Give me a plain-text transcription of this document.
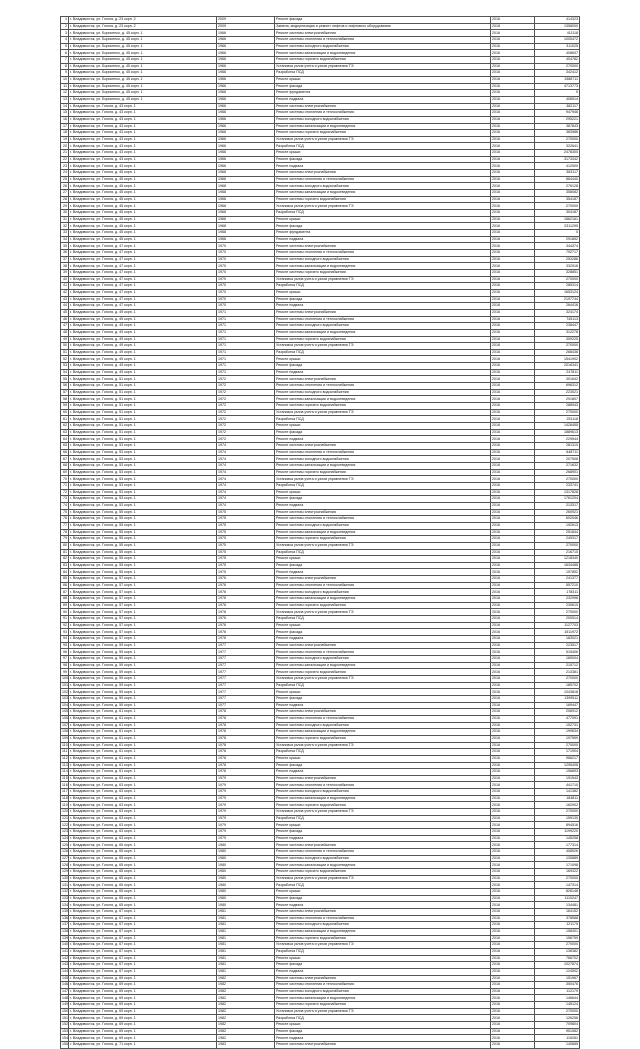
1	г. Владивосток, ул. Гоголя, д. 23 корп. 2	2009	Ремонт фасада	2016	414323
2	г. Владивосток, ул. Гоголя, д. 23 корп. 2	2009	Замена, модернизация и ремонт лифтов и лифтового оборудования	2018	1358000
3	г. Владивосток, ул. Борисенко, д. 45 корп. 1	1966	Ремонт системы электроснабжения	2016	411118
4	г. Владивосток, ул. Борисенко, д. 45 корп. 1	1966	Ремонт системы отопления и теплоснабжения	2016	1005472
5	г. Владивосток, ул. Борисенко, д. 45 корп. 1	1966	Ремонт системы холодного водоснабжения	2016	311025
6	г. Владивосток, ул. Борисенко, д. 45 корп. 1	1966	Ремонт системы канализации и водоотведения	2016	408637
7	г. Владивосток, ул. Борисенко, д. 45 корп. 1	1966	Ремонт системы горячего водоснабжения	2016	404782
8	г. Владивосток, ул. Борисенко, д. 45 корп. 1	1966	Установка узлов учета и узлов управления ТЭ	2016	270000
9	г. Владивосток, ул. Борисенко, д. 45 корп. 1	1966	Разработка ПСД	2016	342412
10	г. Владивосток, ул. Борисенко, д. 45 корп. 1	1966	Ремонт крыши	2016	1588711
11	г. Владивосток, ул. Борисенко, д. 45 корп. 1	1966	Ремонт фасада	2016	4713773
12	г. Владивосток, ул. Борисенко, д. 45 корп. 1	1966	Ремонт фундамента	2016	0
13	г. Владивосток, ул. Борисенко, д. 45 корп. 1	1966	Ремонт подвала	2016	406914
14	г. Владивосток, ул. Гоголя, д. 43 корп. 1	1966	Ремонт системы электроснабжения	2016	382117
15	г. Владивосток, ул. Гоголя, д. 43 корп. 1	1966	Ремонт системы отопления и теплоснабжения	2016	947946
16	г. Владивосток, ул. Гоголя, д. 43 корп. 1	1966	Ремонт системы холодного водоснабжения	2016	295221
17	г. Владивосток, ул. Гоголя, д. 43 корп. 1	1966	Ремонт системы канализации и водоотведения	2016	387843
18	г. Владивосток, ул. Гоголя, д. 43 корп. 1	1966	Ремонт системы горячего водоснабжения	2016	383986
19	г. Владивосток, ул. Гоголя, д. 43 корп. 1	1966	Установка узлов учета и узлов управления ТЭ	2016	270000
20	г. Владивосток, ул. Гоголя, д. 43 корп. 1	1966	Разработка ПСД	2016	322641
21	г. Владивосток, ул. Гоголя, д. 43 корп. 1	1966	Ремонт крыши	2016	2478300
22	г. Владивосток, ул. Гоголя, д. 43 корп. 1	1966	Ремонт фасада	2016	3173342
23	г. Владивосток, ул. Гоголя, д. 43 корп. 1	1966	Ремонт подвала	2016	412500
24	г. Владивосток, ул. Гоголя, д. 45 корп. 1	1968	Ремонт системы электроснабжения	2016	363117
25	г. Владивосток, ул. Гоголя, д. 45 корп. 1	1968	Ремонт системы отопления и теплоснабжения	2016	864440
26	г. Владивосток, ул. Гоголя, д. 45 корп. 1	1968	Ремонт системы холодного водоснабжения	2016	276128
27	г. Владивосток, ул. Гоголя, д. 45 корп. 1	1968	Ремонт системы канализации и водоотведения	2016	358082
28	г. Владивосток, ул. Гоголя, д. 45 корп. 1	1968	Ремонт системы горячего водоснабжения	2016	354187
29	г. Владивосток, ул. Гоголя, д. 45 корп. 1	1968	Установка узлов учета и узлов управления ТЭ	2016	270000
30	г. Владивосток, ул. Гоголя, д. 45 корп. 1	1968	Разработка ПСД	2016	304187
31	г. Владивосток, ул. Гоголя, д. 45 корп. 1	1968	Ремонт крыши	2016	1862161
32	г. Владивосток, ул. Гоголя, д. 45 корп. 1	1968	Ремонт фасада	2016	2311295
33	г. Владивосток, ул. Гоголя, д. 45 корп. 1	1968	Ремонт фундамента	2016	0
34	г. Владивосток, ул. Гоголя, д. 45 корп. 1	1968	Ремонт подвала	2016	291852
35	г. Владивосток, ул. Гоголя, д. 47 корп. 1	1970	Ремонт системы электроснабжения	2016	344374
36	г. Владивосток, ул. Гоголя, д. 47 корп. 1	1970	Ремонт системы отопления и теплоснабжения	2016	792717
37	г. Владивосток, ул. Гоголя, д. 47 корп. 1	1970	Ремонт системы холодного водоснабжения	2016	253286
38	г. Владивосток, ул. Гоголя, д. 47 корп. 1	1970	Ремонт системы канализации и водоотведения	2016	332916
39	г. Владивосток, ул. Гоголя, д. 47 корп. 1	1970	Ремонт системы горячего водоснабжения	2016	328851
40	г. Владивосток, ул. Гоголя, д. 47 корп. 1	1970	Установка узлов учета и узлов управления ТЭ	2016	270000
41	г. Владивосток, ул. Гоголя, д. 47 корп. 1	1970	Разработка ПСД	2016	285314
42	г. Владивосток, ул. Гоголя, д. 47 корп. 1	1970	Ремонт крыши	2016	1653124
43	г. Владивосток, ул. Гоголя, д. 47 корп. 1	1970	Ремонт фасада	2016	2197744
44	г. Владивосток, ул. Гоголя, д. 47 корп. 1	1970	Ремонт подвала	2016	264416
45	г. Владивосток, ул. Гоголя, д. 49 корп. 1	1971	Ремонт системы электроснабжения	2016	324174
46	г. Владивосток, ул. Гоголя, д. 49 корп. 1	1971	Ремонт системы отопления и теплоснабжения	2016	745113
47	г. Владивосток, ул. Гоголя, д. 49 корп. 1	1971	Ремонт системы холодного водоснабжения	2016	238447
48	г. Владивосток, ул. Гоголя, д. 49 корп. 1	1971	Ремонт системы канализации и водоотведения	2016	312278
49	г. Владивосток, ул. Гоголя, д. 49 корп. 1	1971	Ремонт системы горячего водоснабжения	2016	309225
50	г. Владивосток, ул. Гоголя, д. 49 корп. 1	1971	Установка узлов учета и узлов управления ТЭ	2016	270000
51	г. Владивосток, ул. Гоголя, д. 49 корп. 1	1971	Разработка ПСД	2016	268436
52	г. Владивосток, ул. Гоголя, д. 49 корп. 1	1971	Ремонт крыши	2016	1541902
53	г. Владивосток, ул. Гоголя, д. 49 корп. 1	1971	Ремонт фасада	2016	2016341
54	г. Владивосток, ул. Гоголя, д. 49 корп. 1	1971	Ремонт подвала	2016	247811
55	г. Владивосток, ул. Гоголя, д. 51 корп. 1	1972	Ремонт системы электроснабжения	2016	301642
56	г. Владивосток, ул. Гоголя, д. 51 корп. 1	1972	Ремонт системы отопления и теплоснабжения	2016	696312
57	г. Владивосток, ул. Гоголя, д. 51 корп. 1	1972	Ремонт системы холодного водоснабжения	2016	223021
58	г. Владивосток, ул. Гоголя, д. 51 корп. 1	1972	Ремонт системы канализации и водоотведения	2016	291807
59	г. Владивосток, ул. Гоголя, д. 51 корп. 1	1972	Ремонт системы горячего водоснабжения	2016	288943
60	г. Владивосток, ул. Гоголя, д. 51 корп. 1	1972	Установка узлов учета и узлов управления ТЭ	2016	270000
61	г. Владивосток, ул. Гоголя, д. 51 корп. 1	1972	Разработка ПСД	2016	251118
62	г. Владивосток, ул. Гоголя, д. 51 корп. 1	1972	Ремонт крыши	2016	1428455
63	г. Владивосток, ул. Гоголя, д. 51 корп. 1	1972	Ремонт фасада	2016	1889613
64	г. Владивосток, ул. Гоголя, д. 51 корп. 1	1972	Ремонт подвала	2016	229544
65	г. Владивосток, ул. Гоголя, д. 53 корп. 1	1974	Ремонт системы электроснабжения	2016	281310
66	г. Владивосток, ул. Гоголя, д. 53 корп. 1	1974	Ремонт системы отопления и теплоснабжения	2016	648711
67	г. Владивосток, ул. Гоголя, д. 53 корп. 1	1974	Ремонт системы холодного водоснабжения	2016	207508
68	г. Владивосток, ул. Гоголя, д. 53 корп. 1	1974	Ремонт системы канализации и водоотведения	2016	271632
69	г. Владивосток, ул. Гоголя, д. 53 корп. 1	1974	Ремонт системы горячего водоснабжения	2016	268901
70	г. Владивосток, ул. Гоголя, д. 53 корп. 1	1974	Установка узлов учета и узлов управления ТЭ	2016	270000
71	г. Владивосток, ул. Гоголя, д. 53 корп. 1	1974	Разработка ПСД	2016	233741
72	г. Владивосток, ул. Гоголя, д. 53 корп. 1	1974	Ремонт крыши	2016	1317828
73	г. Владивосток, ул. Гоголя, д. 53 корп. 1	1974	Ремонт фасада	2016	1761204
74	г. Владивосток, ул. Гоголя, д. 53 корп. 1	1974	Ремонт подвала	2016	213317
75	г. Владивосток, ул. Гоголя, д. 55 корп. 1	1975	Ремонт системы электроснабжения	2016	260921
76	г. Владивосток, ул. Гоголя, д. 55 корп. 1	1975	Ремонт системы отопления и теплоснабжения	2016	602046
77	г. Владивосток, ул. Гоголя, д. 55 корп. 1	1975	Ремонт системы холодного водоснабжения	2016	192613
78	г. Владивосток, ул. Гоголя, д. 55 корп. 1	1975	Ремонт системы канализации и водоотведения	2016	251844
79	г. Владивосток, ул. Гоголя, д. 55 корп. 1	1975	Ремонт системы горячего водоснабжения	2016	249317
80	г. Владивосток, ул. Гоголя, д. 55 корп. 1	1975	Установка узлов учета и узлов управления ТЭ	2016	270000
81	г. Владивосток, ул. Гоголя, д. 55 корп. 1	1975	Разработка ПСД	2016	216710
82	г. Владивосток, ул. Гоголя, д. 55 корп. 1	1975	Ремонт крыши	2016	1218340
83	г. Владивосток, ул. Гоголя, д. 55 корп. 1	1975	Ремонт фасада	2016	1634488
84	г. Владивосток, ул. Гоголя, д. 55 корп. 1	1975	Ремонт подвала	2016	197852
85	г. Владивосток, ул. Гоголя, д. 57 корп. 1	1976	Ремонт системы электроснабжения	2016	241377
86	г. Владивосток, ул. Гоголя, д. 57 корп. 1	1976	Ремонт системы отопления и теплоснабжения	2016	557210
87	г. Владивосток, ул. Гоголя, д. 57 корп. 1	1976	Ремонт системы холодного водоснабжения	2016	178311
88	г. Владивосток, ул. Гоголя, д. 57 корп. 1	1976	Ремонт системы канализации и водоотведения	2016	232998
89	г. Владивосток, ул. Гоголя, д. 57 корп. 1	1976	Ремонт системы горячего водоснабжения	2016	230610
90	г. Владивосток, ул. Гоголя, д. 57 корп. 1	1976	Установка узлов учета и узлов управления ТЭ	2016	270000
91	г. Владивосток, ул. Гоголя, д. 57 корп. 1	1976	Разработка ПСД	2016	200514
92	г. Владивосток, ул. Гоголя, д. 57 корп. 1	1976	Ремонт крыши	2016	1127703
93	г. Владивосток, ул. Гоголя, д. 57 корп. 1	1976	Ремонт фасада	2016	1511972
94	г. Владивосток, ул. Гоголя, д. 57 корп. 1	1976	Ремонт подвала	2016	183021
95	г. Владивосток, ул. Гоголя, д. 59 корп. 1	1977	Ремонт системы электроснабжения	2016	223517
96	г. Владивосток, ул. Гоголя, д. 59 корп. 1	1977	Ремонт системы отопления и теплоснабжения	2016	515406
97	г. Владивосток, ул. Гоголя, д. 59 корп. 1	1977	Ремонт системы холодного водоснабжения	2016	165004
98	г. Владивосток, ул. Гоголя, д. 59 корп. 1	1977	Ремонт системы канализации и водоотведения	2016	215712
99	г. Владивосток, ул. Гоголя, д. 59 корп. 1	1977	Ремонт системы горячего водоснабжения	2016	213381
100	г. Владивосток, ул. Гоголя, д. 59 корп. 1	1977	Установка узлов учета и узлов управления ТЭ	2016	270000
101	г. Владивосток, ул. Гоголя, д. 59 корп. 1	1977	Разработка ПСД	2016	185702
102	г. Владивосток, ул. Гоголя, д. 59 корп. 1	1977	Ремонт крыши	2016	1043818
103	г. Владивосток, ул. Гоголя, д. 59 корп. 1	1977	Ремонт фасада	2016	1399511
104	г. Владивосток, ул. Гоголя, д. 59 корп. 1	1977	Ремонт подвала	2016	169447
105	г. Владивосток, ул. Гоголя, д. 61 корп. 1	1978	Ремонт системы электроснабжения	2016	206912
106	г. Владивосток, ул. Гоголя, д. 61 корп. 1	1978	Ремонт системы отопления и теплоснабжения	2016	477091
107	г. Владивосток, ул. Гоголя, д. 61 корп. 1	1978	Ремонт системы холодного водоснабжения	2016	152731
108	г. Владивосток, ул. Гоголя, д. 61 корп. 1	1978	Ремонт системы канализации и водоотведения	2016	199634
109	г. Владивосток, ул. Гоголя, д. 61 корп. 1	1978	Ремонт системы горячего водоснабжения	2016	197559
110	г. Владивосток, ул. Гоголя, д. 61 корп. 1	1978	Установка узлов учета и узлов управления ТЭ	2016	270000
111	г. Владивосток, ул. Гоголя, д. 61 корп. 1	1978	Разработка ПСД	2016	171904
112	г. Владивосток, ул. Гоголя, д. 61 корп. 1	1978	Ремонт крыши	2016	966217
113	г. Владивосток, ул. Гоголя, д. 61 корп. 1	1978	Ремонт фасада	2016	1295408
114	г. Владивосток, ул. Гоголя, д. 61 корп. 1	1978	Ремонт подвала	2016	156893
115	г. Владивосток, ул. Гоголя, д. 63 корп. 1	1979	Ремонт системы электроснабжения	2016	191543
116	г. Владивосток, ул. Гоголя, д. 63 корп. 1	1979	Ремонт системы отопления и теплоснабжения	2016	441710
117	г. Владивосток, ул. Гоголя, д. 63 корп. 1	1979	Ремонт системы холодного водоснабжения	2016	141382
118	г. Владивосток, ул. Гоголя, д. 63 корп. 1	1979	Ремонт системы канализации и водоотведения	2016	184811
119	г. Владивосток, ул. Гоголя, д. 63 корп. 1	1979	Ремонт системы горячего водоснабжения	2016	182902
120	г. Владивосток, ул. Гоголя, д. 63 корп. 1	1979	Установка узлов учета и узлов управления ТЭ	2016	270000
121	г. Владивосток, ул. Гоголя, д. 63 корп. 1	1979	Разработка ПСД	2016	159130
122	г. Владивосток, ул. Гоголя, д. 63 корп. 1	1979	Ремонт крыши	2016	894516
123	г. Владивосток, ул. Гоголя, д. 63 корп. 1	1979	Ремонт фасада	2016	1199220
124	г. Владивосток, ул. Гоголя, д. 63 корп. 1	1979	Ремонт подвала	2016	145258
125	г. Владивосток, ул. Гоголя, д. 65 корп. 1	1980	Ремонт системы электроснабжения	2016	177314
126	г. Владивосток, ул. Гоголя, д. 65 корп. 1	1980	Ремонт системы отопления и теплоснабжения	2016	408926
127	г. Владивосток, ул. Гоголя, д. 65 корп. 1	1980	Ремонт системы холодного водоснабжения	2016	130889
128	г. Владивосток, ул. Гоголя, д. 65 корп. 1	1980	Ремонт системы канализации и водоотведения	2016	171098
129	г. Владивосток, ул. Гоголя, д. 65 корп. 1	1980	Ремонт системы горячего водоснабжения	2016	169322
130	г. Владивосток, ул. Гоголя, д. 65 корп. 1	1980	Установка узлов учета и узлов управления ТЭ	2016	270000
131	г. Владивосток, ул. Гоголя, д. 65 корп. 1	1980	Разработка ПСД	2016	147314
132	г. Владивосток, ул. Гоголя, д. 65 корп. 1	1980	Ремонт крыши	2016	828148
133	г. Владивосток, ул. Гоголя, д. 65 корп. 1	1980	Ремонт фасада	2016	1110247
134	г. Владивосток, ул. Гоголя, д. 65 корп. 1	1980	Ремонт подвала	2016	134481
135	г. Владивосток, ул. Гоголя, д. 67 корп. 1	1981	Ремонт системы электроснабжения	2016	164152
136	г. Владивосток, ул. Гоголя, д. 67 корп. 1	1981	Ремонт системы отопления и теплоснабжения	2016	378588
137	г. Владивосток, ул. Гоголя, д. 67 корп. 1	1981	Ремонт системы холодного водоснабжения	2016	121175
138	г. Владивосток, ул. Гоголя, д. 67 корп. 1	1981	Ремонт системы канализации и водоотведения	2016	158401
139	г. Владивосток, ул. Гоголя, д. 67 корп. 1	1981	Ремонт системы горячего водоснабжения	2016	156759
140	г. Владивосток, ул. Гоголя, д. 67 корп. 1	1981	Установка узлов учета и узлов управления ТЭ	2016	270000
141	г. Владивосток, ул. Гоголя, д. 67 корп. 1	1981	Разработка ПСД	2016	136382
142	г. Владивосток, ул. Гоголя, д. 67 корп. 1	1981	Ремонт крыши	2016	766702
143	г. Владивосток, ул. Гоголя, д. 67 корп. 1	1981	Ремонт фасада	2016	1027874
144	г. Владивосток, ул. Гоголя, д. 67 корп. 1	1981	Ремонт подвала	2016	124502
145	г. Владивосток, ул. Гоголя, д. 69 корп. 1	1982	Ремонт системы электроснабжения	2016	151967
146	г. Владивосток, ул. Гоголя, д. 69 корп. 1	1982	Ремонт системы отопления и теплоснабжения	2016	350476
147	г. Владивосток, ул. Гоголя, д. 69 корп. 1	1982	Ремонт системы холодного водоснабжения	2016	112179
148	г. Владивосток, ул. Гоголя, д. 69 корп. 1	1982	Ремонт системы канализации и водоотведения	2016	146644
149	г. Владивосток, ул. Гоголя, д. 69 корп. 1	1982	Ремонт системы горячего водоснабжения	2016	145124
150	г. Владивосток, ул. Гоголя, д. 69 корп. 1	1982	Установка узлов учета и узлов управления ТЭ	2016	270000
151	г. Владивосток, ул. Гоголя, д. 69 корп. 1	1982	Разработка ПСД	2016	126256
152	г. Владивосток, ул. Гоголя, д. 69 корп. 1	1982	Ремонт крыши	2016	709804
153	г. Владивосток, ул. Гоголя, д. 69 корп. 1	1982	Ремонт фасада	2016	951582
154	г. Владивосток, ул. Гоголя, д. 69 корп. 1	1982	Ремонт подвала	2016	115261
155	г. Владивосток, ул. Гоголя, д. 71 корп. 1	1983	Ремонт системы электроснабжения	2016	140685
